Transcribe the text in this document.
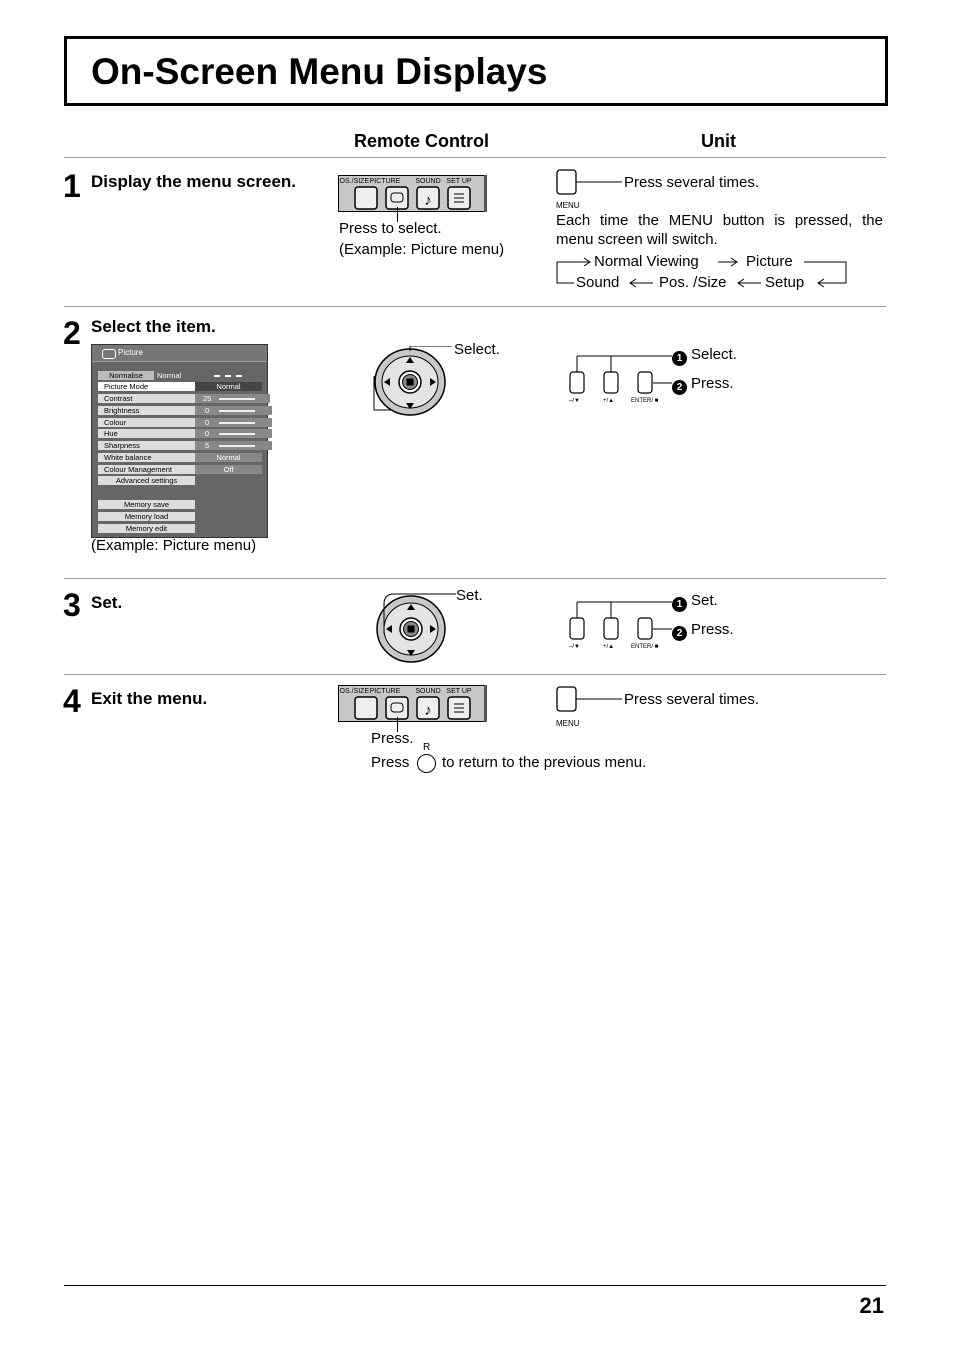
On-Screen Menu Displays
Remote Control	Unit
1 Display the menu screen.	POS./SIZE PICTURE SOUND SET UP
♪
Press to select.
(Example: Picture menu)
MENU
Press several times.
Each time the MENU button is pressed, the
menu screen will switch.
Normal Viewing	Picture
Sound	Pos. /Size	Setup
2 Select the item.
Picture
Normalise	Normal
Picture Mode	Normal
Contrast	25
Brightness	0
Colour	0
Hue	0
Sharpness	5
White balance	Normal
Colour Management	Off
Advanced settings
Memory save
Memory load
Memory edit
(Example: Picture menu)
Select.
–/▼	+/▲	ENTER/ ■
1 Select.
2 Press.
3 Set.	Set.
–/▼	+/▲	ENTER/ ■
1 Set.
2 Press.
4 Exit the menu.	POS./SIZE PICTURE SOUND SET UP
♪
Press.
Press
R
to return to the previous menu.
MENU
Press several times.
21
